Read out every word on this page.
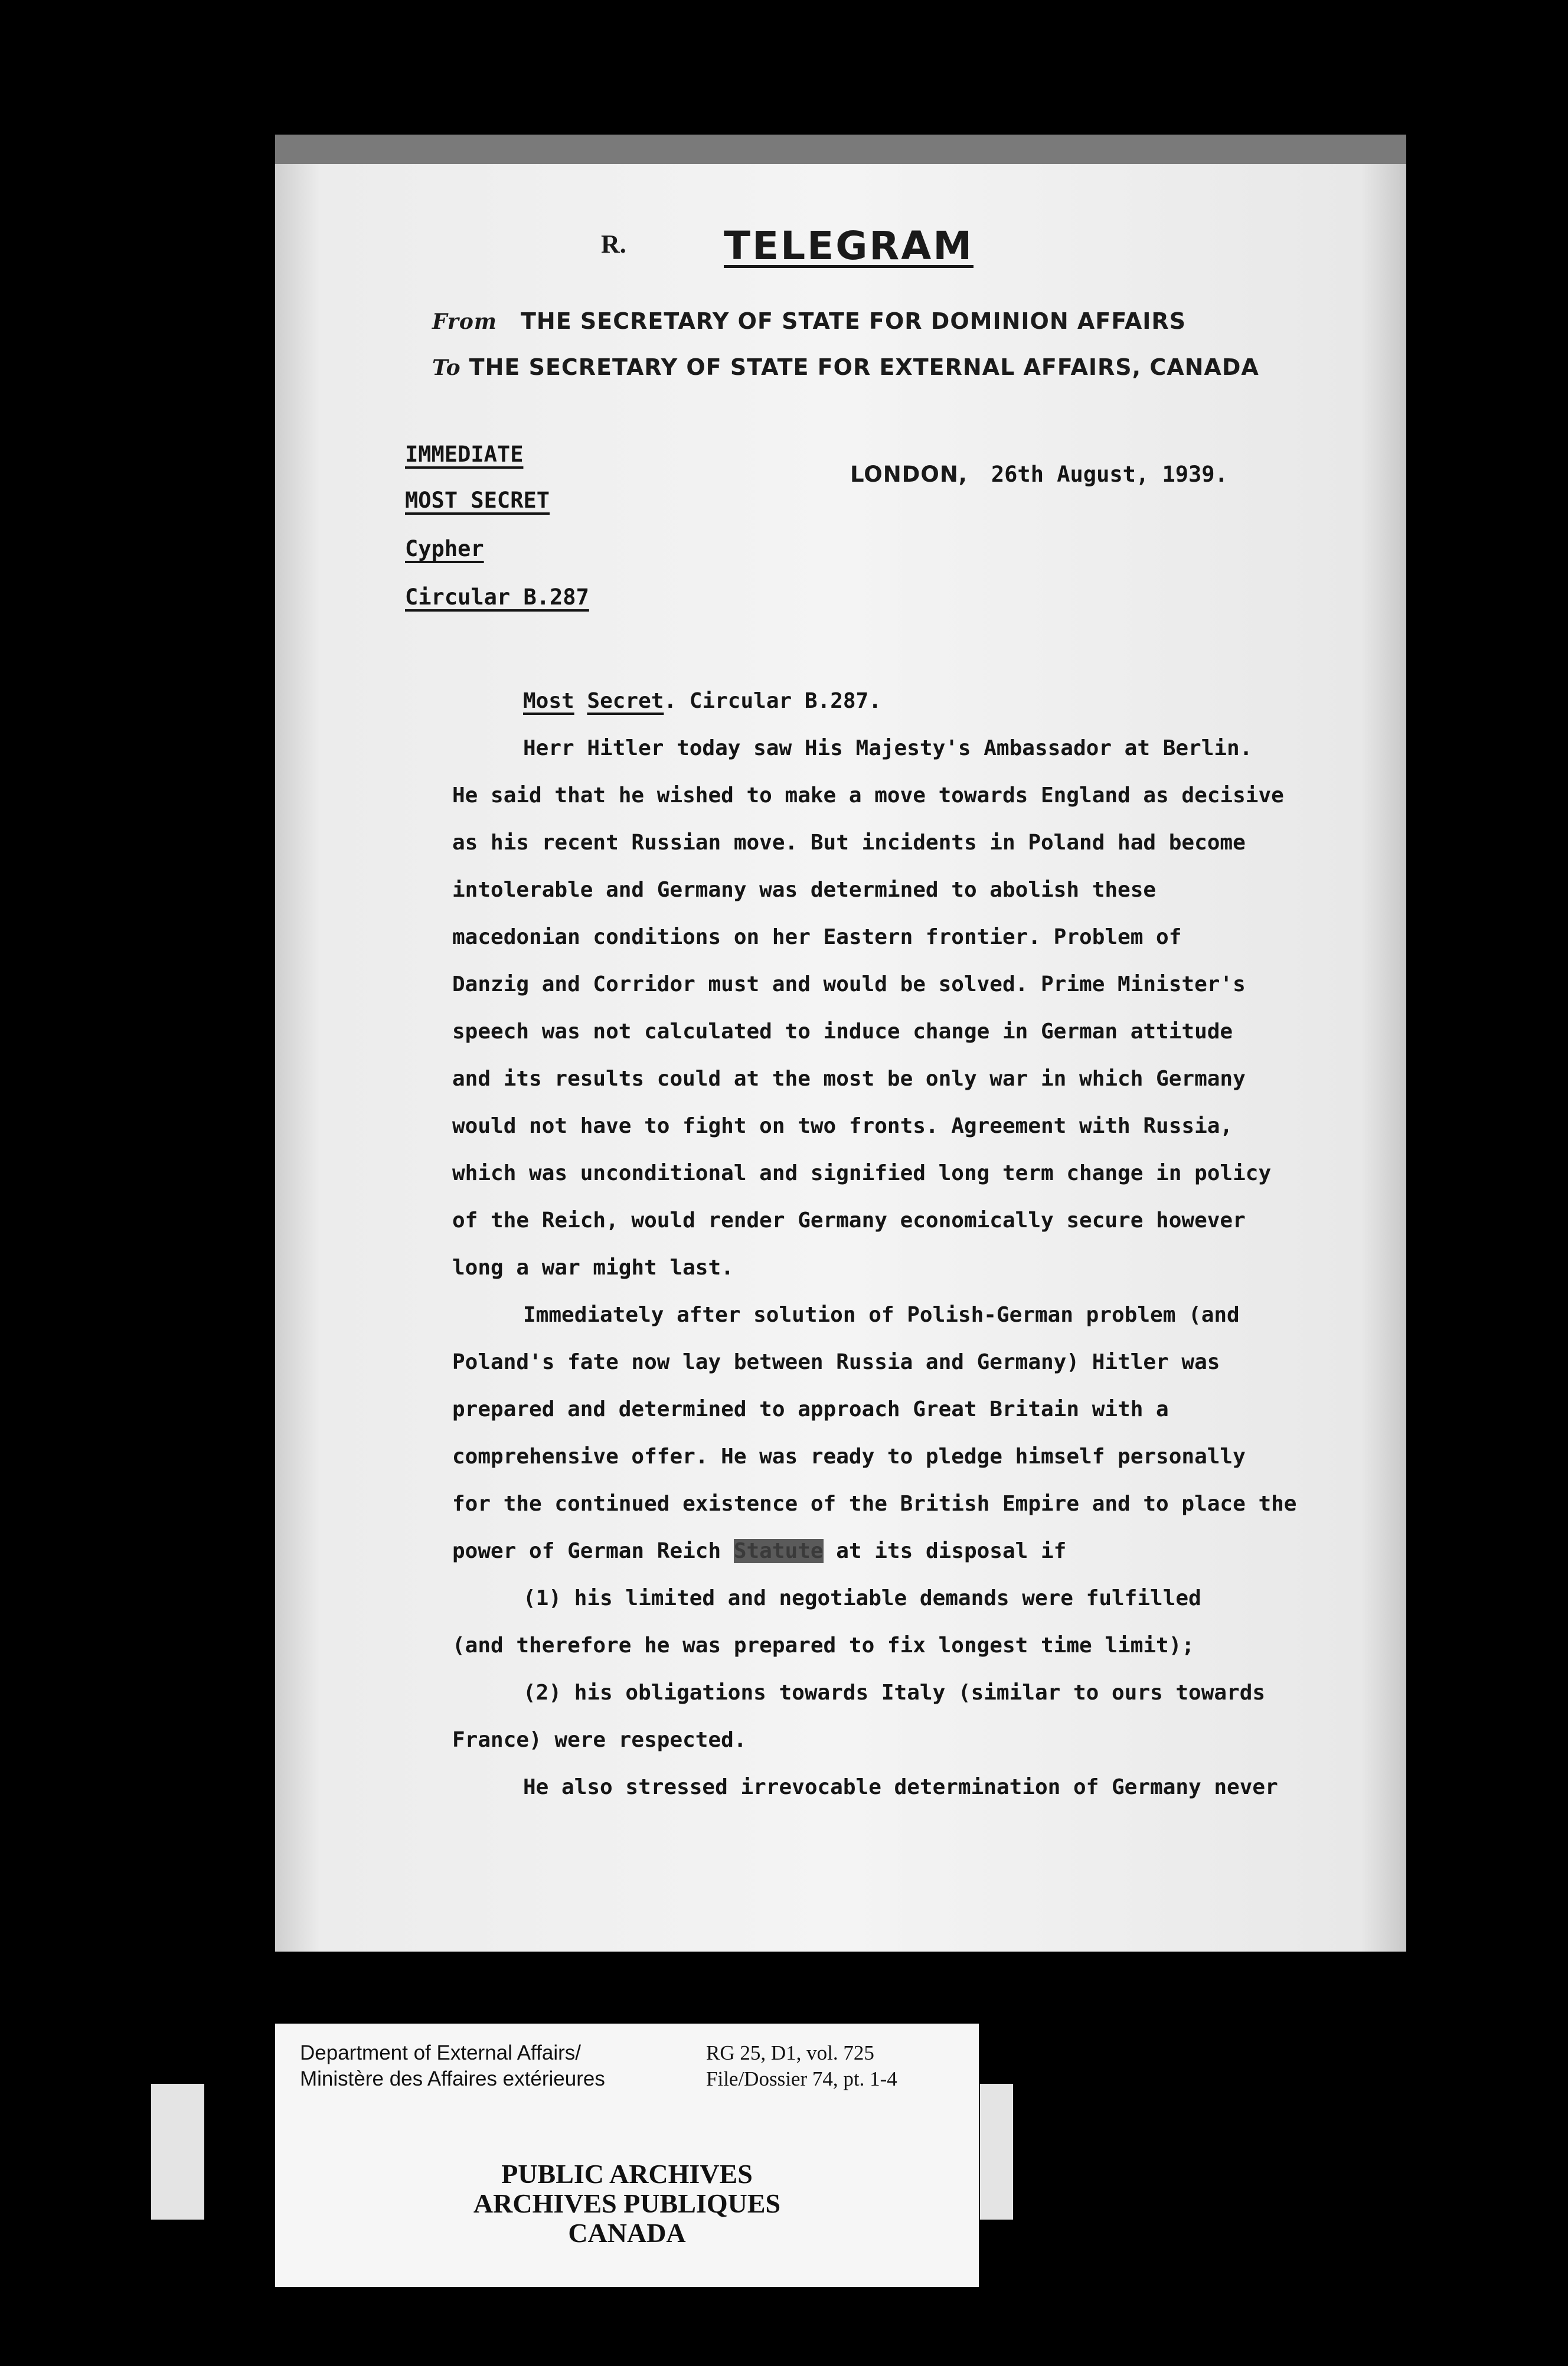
R.	TELEGRAM
From THE SECRETARY OF STATE FOR DOMINION AFFAIRS
To THE SECRETARY OF STATE FOR EXTERNAL AFFAIRS, CANADA
IMMEDIATE
MOST SECRET
Cypher
Circular B.287
LONDON, 26th August, 1939.
Most Secret. Circular B.287.
Herr Hitler today saw His Majesty's Ambassador at Berlin.
He said that he wished to make a move towards England as decisive
as his recent Russian move. But incidents in Poland had become
intolerable and Germany was determined to abolish these
macedonian conditions on her Eastern frontier. Problem of
Danzig and Corridor must and would be solved. Prime Minister's
speech was not calculated to induce change in German attitude
and its results could at the most be only war in which Germany
would not have to fight on two fronts. Agreement with Russia,
which was unconditional and signified long term change in policy
of the Reich, would render Germany economically secure however
long a war might last.
Immediately after solution of Polish-German problem (and
Poland's fate now lay between Russia and Germany) Hitler was
prepared and determined to approach Great Britain with a
comprehensive offer. He was ready to pledge himself personally
for the continued existence of the British Empire and to place the
power of German Reich Statute at its disposal if
(1) his limited and negotiable demands were fulfilled
(and therefore he was prepared to fix longest time limit);
(2) his obligations towards Italy (similar to ours towards
France) were respected.
He also stressed irrevocable determination of Germany never
Department of External Affairs/
Ministère des Affaires extérieures
RG 25, D1, vol. 725
File/Dossier 74, pt. 1-4
PUBLIC ARCHIVES
ARCHIVES PUBLIQUES
CANADA
